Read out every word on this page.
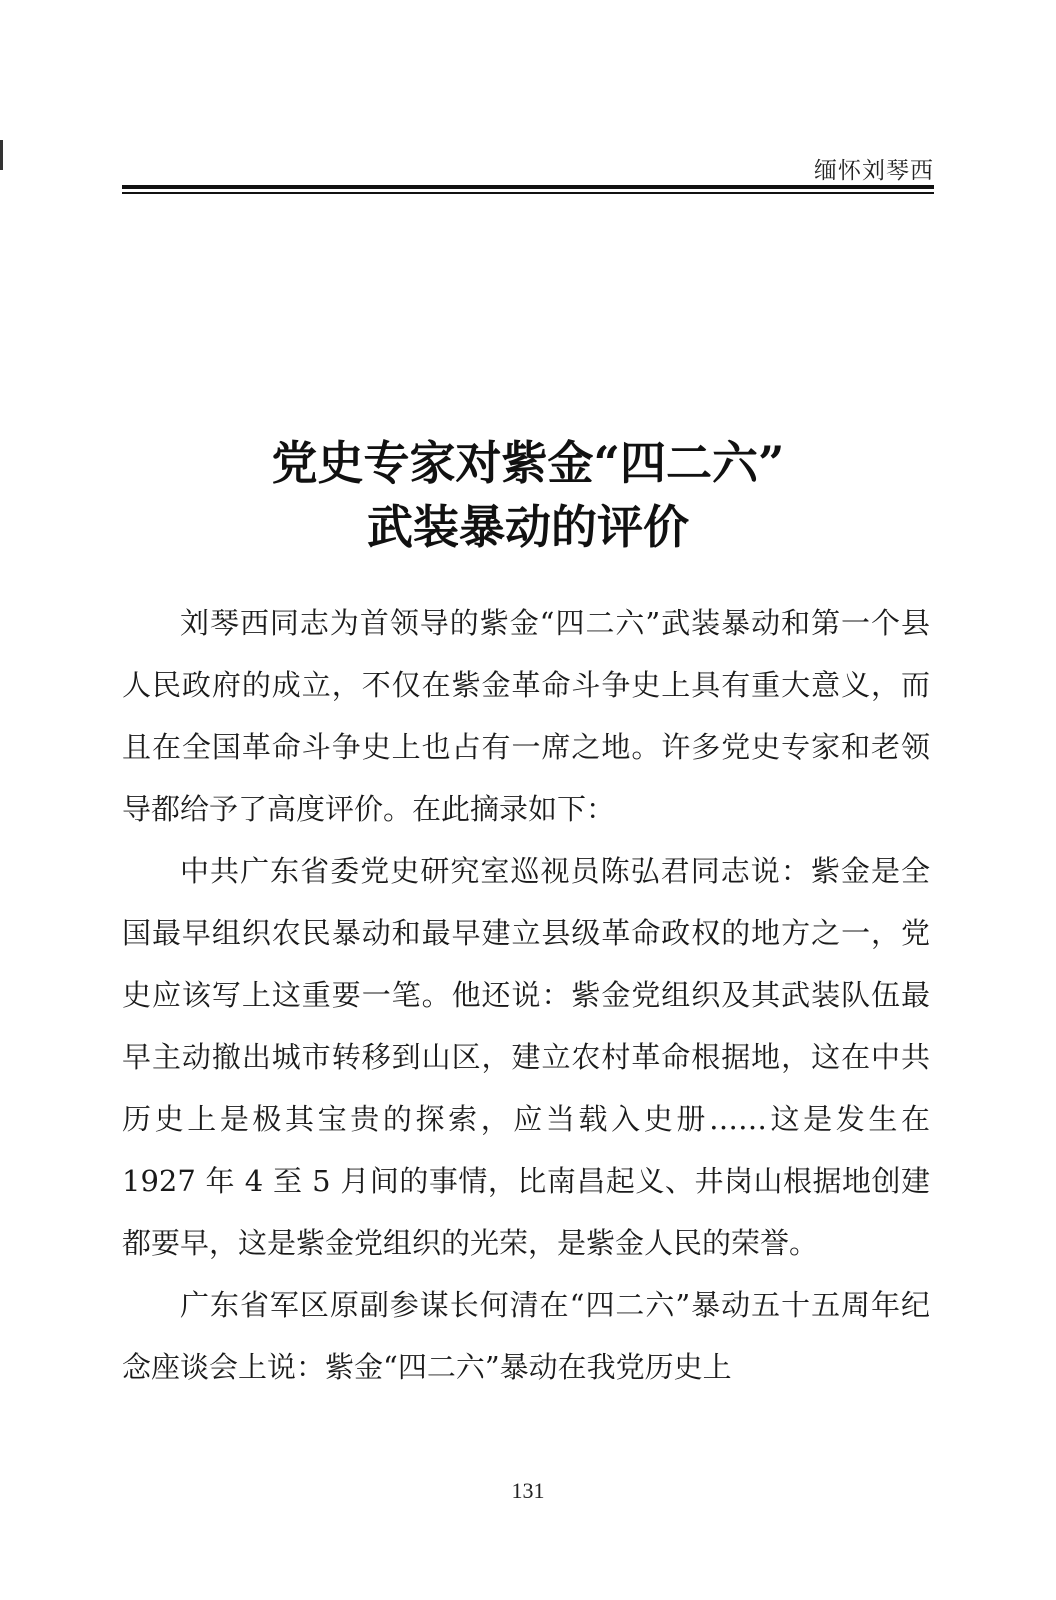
缅怀刘琴西
党史专家对紫金“四二六”
武装暴动的评价

刘琴西同志为首领导的紫金“四二六”武装暴动和第一个县人民政府的成立，不仅在紫金革命斗争史上具有重大意义，而且在全国革命斗争史上也占有一席之地。许多党史专家和老领导都给予了高度评价。在此摘录如下：

中共广东省委党史研究室巡视员陈弘君同志说：紫金是全国最早组织农民暴动和最早建立县级革命政权的地方之一，党史应该写上这重要一笔。他还说：紫金党组织及其武装队伍最早主动撤出城市转移到山区，建立农村革命根据地，这在中共历史上是极其宝贵的探索，应当载入史册……这是发生在 1927 年 4 至 5 月间的事情，比南昌起义、井岗山根据地创建都要早，这是紫金党组织的光荣，是紫金人民的荣誉。

广东省军区原副参谋长何清在“四二六”暴动五十五周年纪念座谈会上说：紫金“四二六”暴动在我党历史上

131
